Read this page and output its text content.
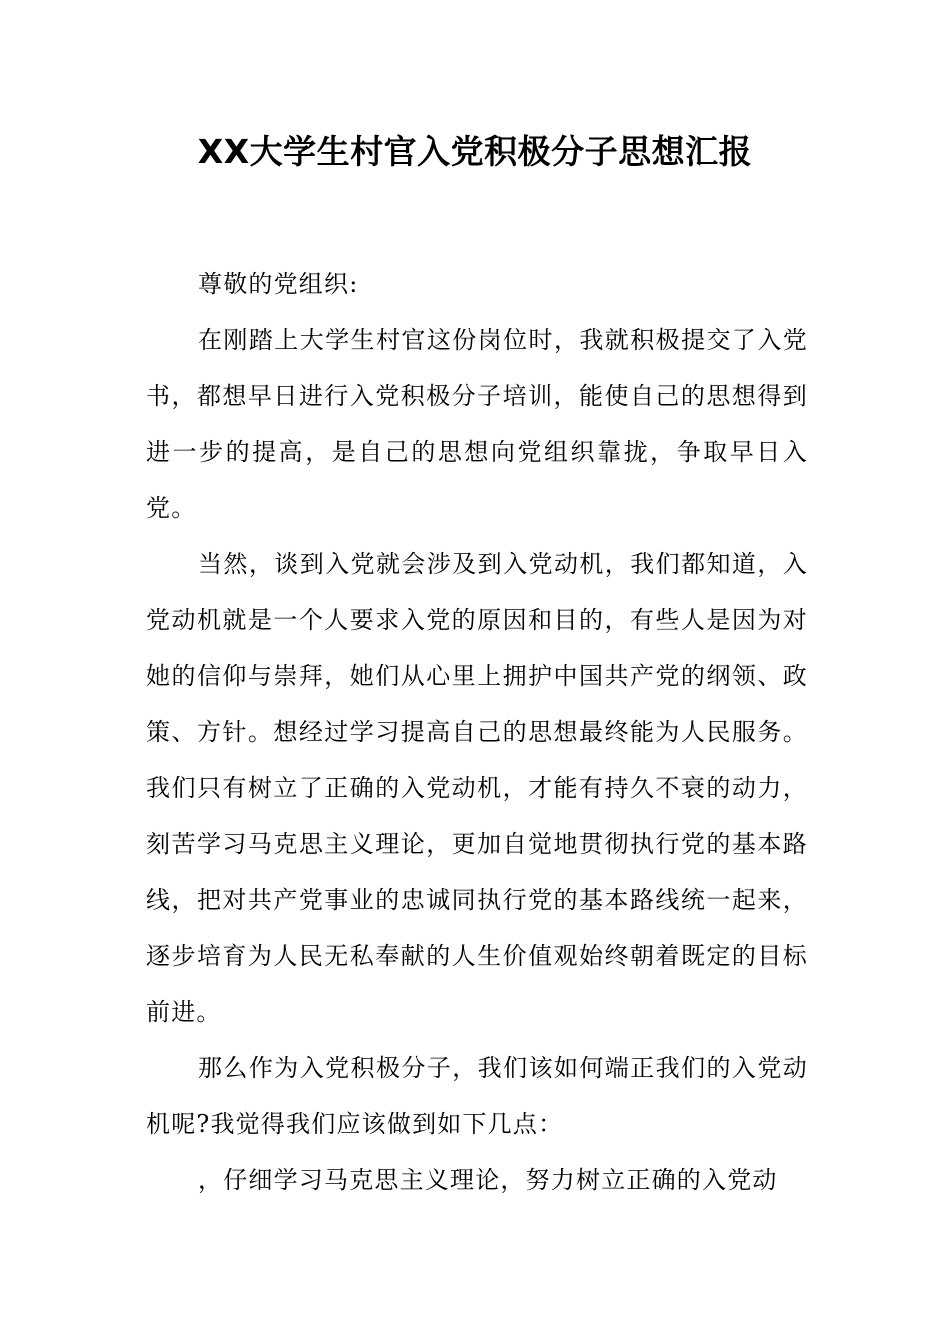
XX大学生村官入党积极分子思想汇报

尊敬的党组织:

在刚踏上大学生村官这份岗位时，我就积极提交了入党书，都想早日进行入党积极分子培训，能使自己的思想得到进一步的提高，是自己的思想向党组织靠拢，争取早日入党。

当然，谈到入党就会涉及到入党动机，我们都知道，入党动机就是一个人要求入党的原因和目的，有些人是因为对她的信仰与崇拜，她们从心里上拥护中国共产党的纲领、政策、方针。想经过学习提高自己的思想最终能为人民服务。 我们只有树立了正确的入党动机，才能有持久不衰的动力，刻苦学习马克思主义理论，更加自觉地贯彻执行党的基本路线，把对共产党事业的忠诚同执行党的基本路线统一起来，逐步培育为人民无私奉献的人生价值观始终朝着既定的目标前进。

那么作为入党积极分子，我们该如何端正我们的入党动机呢?我觉得我们应该做到如下几点：

，仔细学习马克思主义理论，努力树立正确的入党动
